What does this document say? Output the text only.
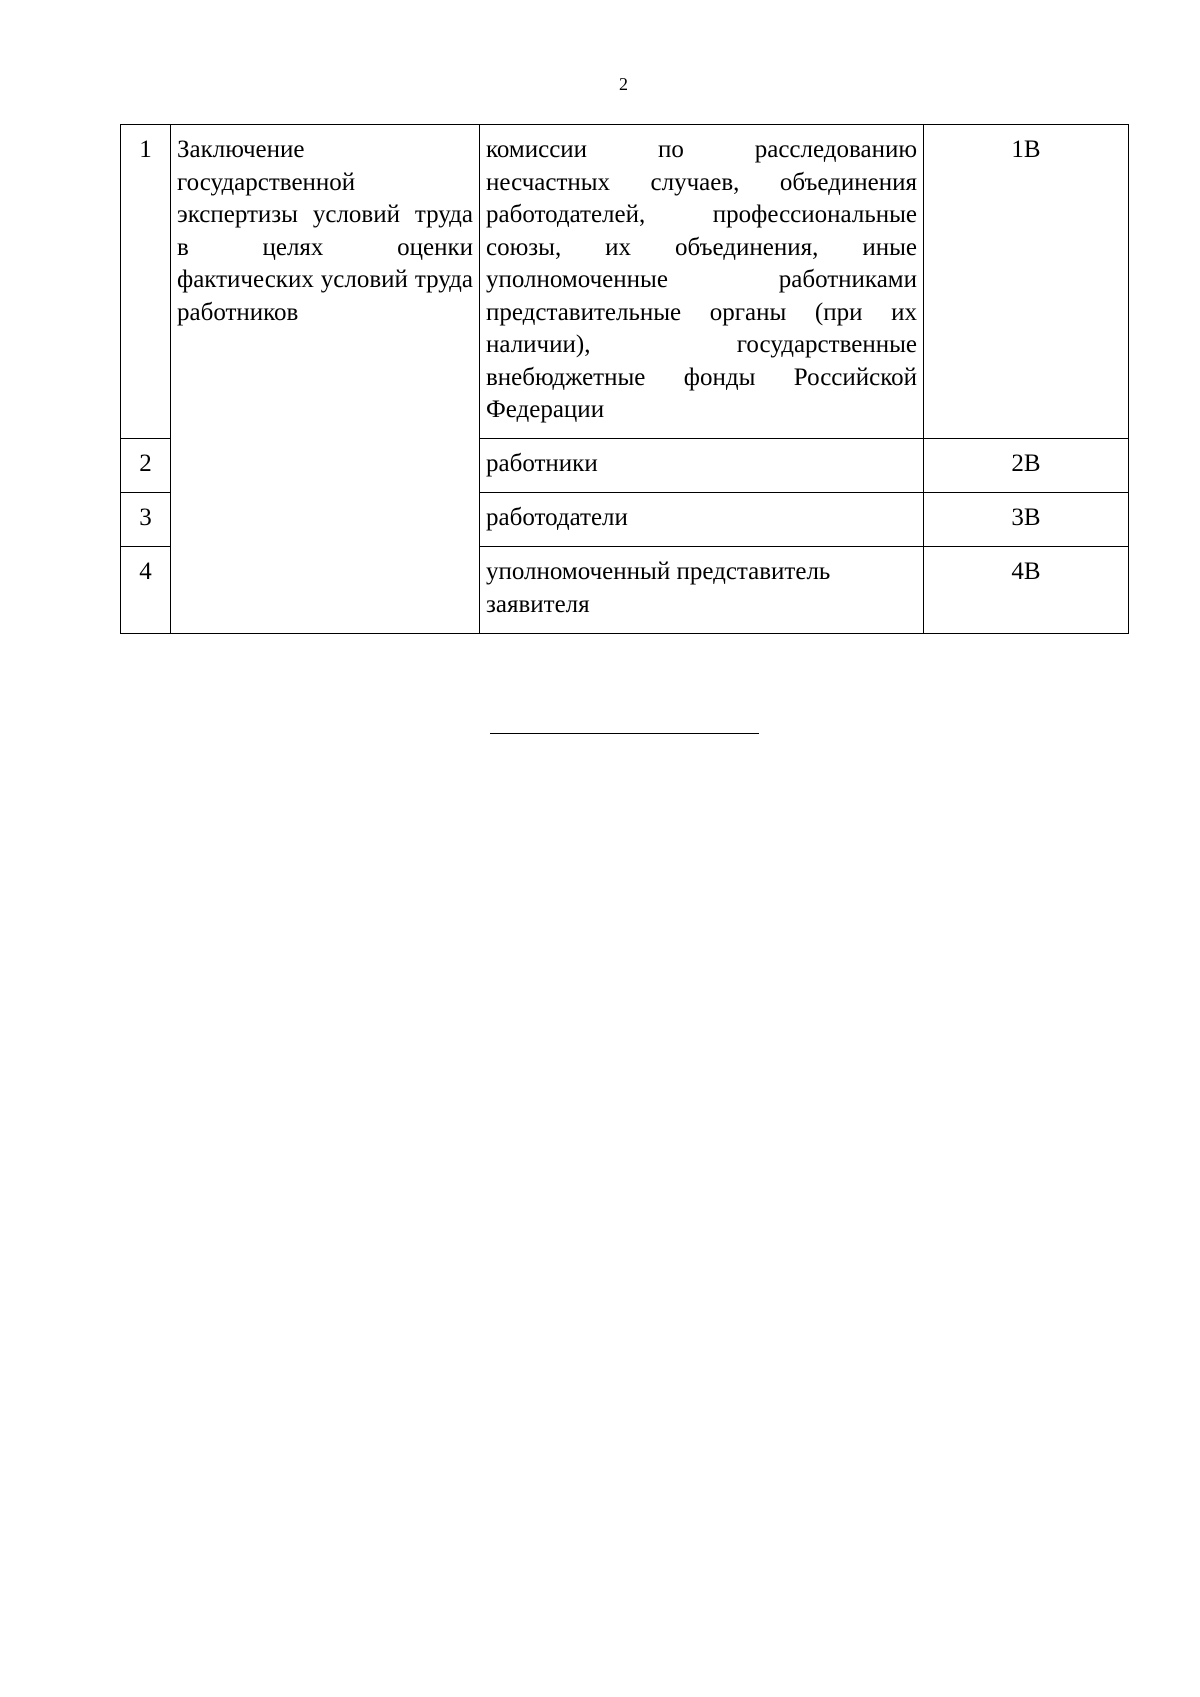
2
1	Заключение государственной экспертизы условий труда в целях оценки фактических условий труда работников	комиссии по расследованию несчастных случаев, объединения работодателей, профессиональные союзы, их объединения, иные уполномоченные работниками представительные органы (при их наличии), государственные внебюджетные фонды Российской Федерации	1В
2		работники	2В
3		работодатели	3В
4		уполномоченный представитель заявителя	4В
